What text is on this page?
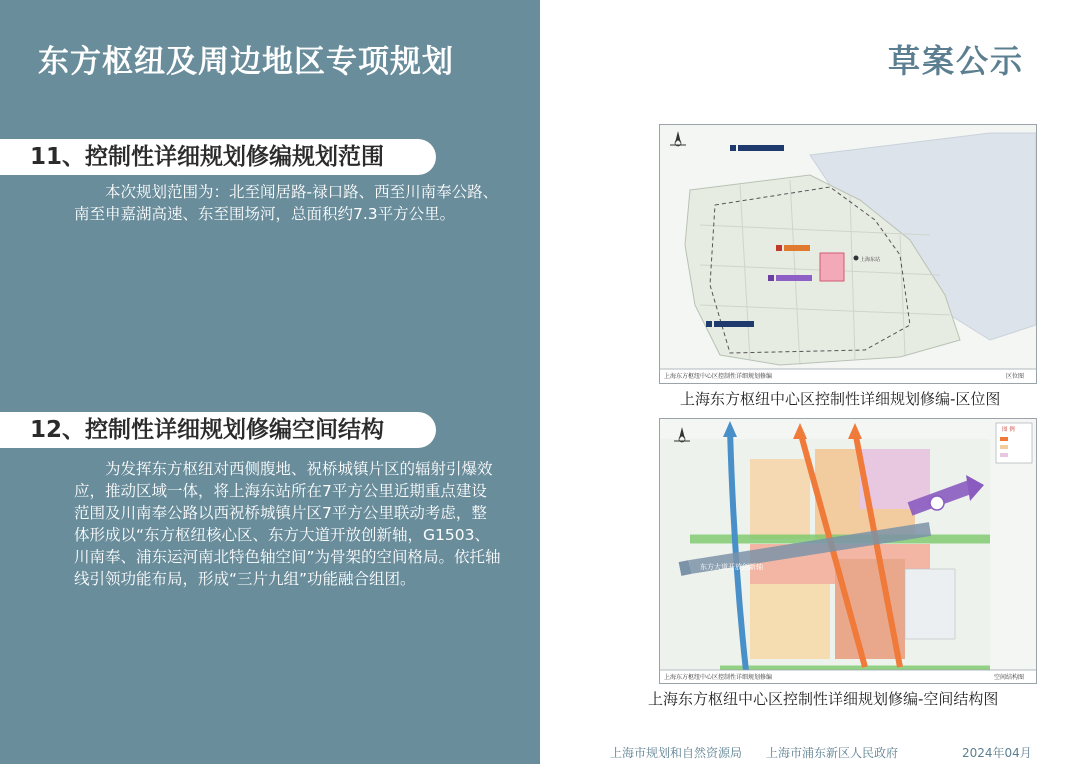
东方枢纽及周边地区专项规划
11、控制性详细规划修编规划范围

本次规划范围为：北至闻居路-禄口路、西至川南奉公路、南至申嘉湖高速、东至围场河，总面积约7.3平方公里。

12、控制性详细规划修编空间结构

为发挥东方枢纽对西侧腹地、祝桥城镇片区的辐射引爆效应，推动区域一体，将上海东站所在7平方公里近期重点建设范围及川南奉公路以西祝桥城镇片区7平方公里联动考虑，整体形成以“东方枢纽核心区、东方大道开放创新轴，G1503、川南奉、浦东运河南北特色轴空间”为骨架的空间格局。依托轴线引领功能布局，形成“三片九组”功能融合组团。

草案公示
上海东站
上海东方枢纽中心区控制性详细规划修编	区位图
上海东方枢纽中心区控制性详细规划修编-区位图
东方大道开放创新轴
图 例
上海东方枢纽中心区控制性详细规划修编	空间结构图
上海东方枢纽中心区控制性详细规划修编-空间结构图
上海市规划和自然资源局 上海市浦东新区人民政府	2024年04月
